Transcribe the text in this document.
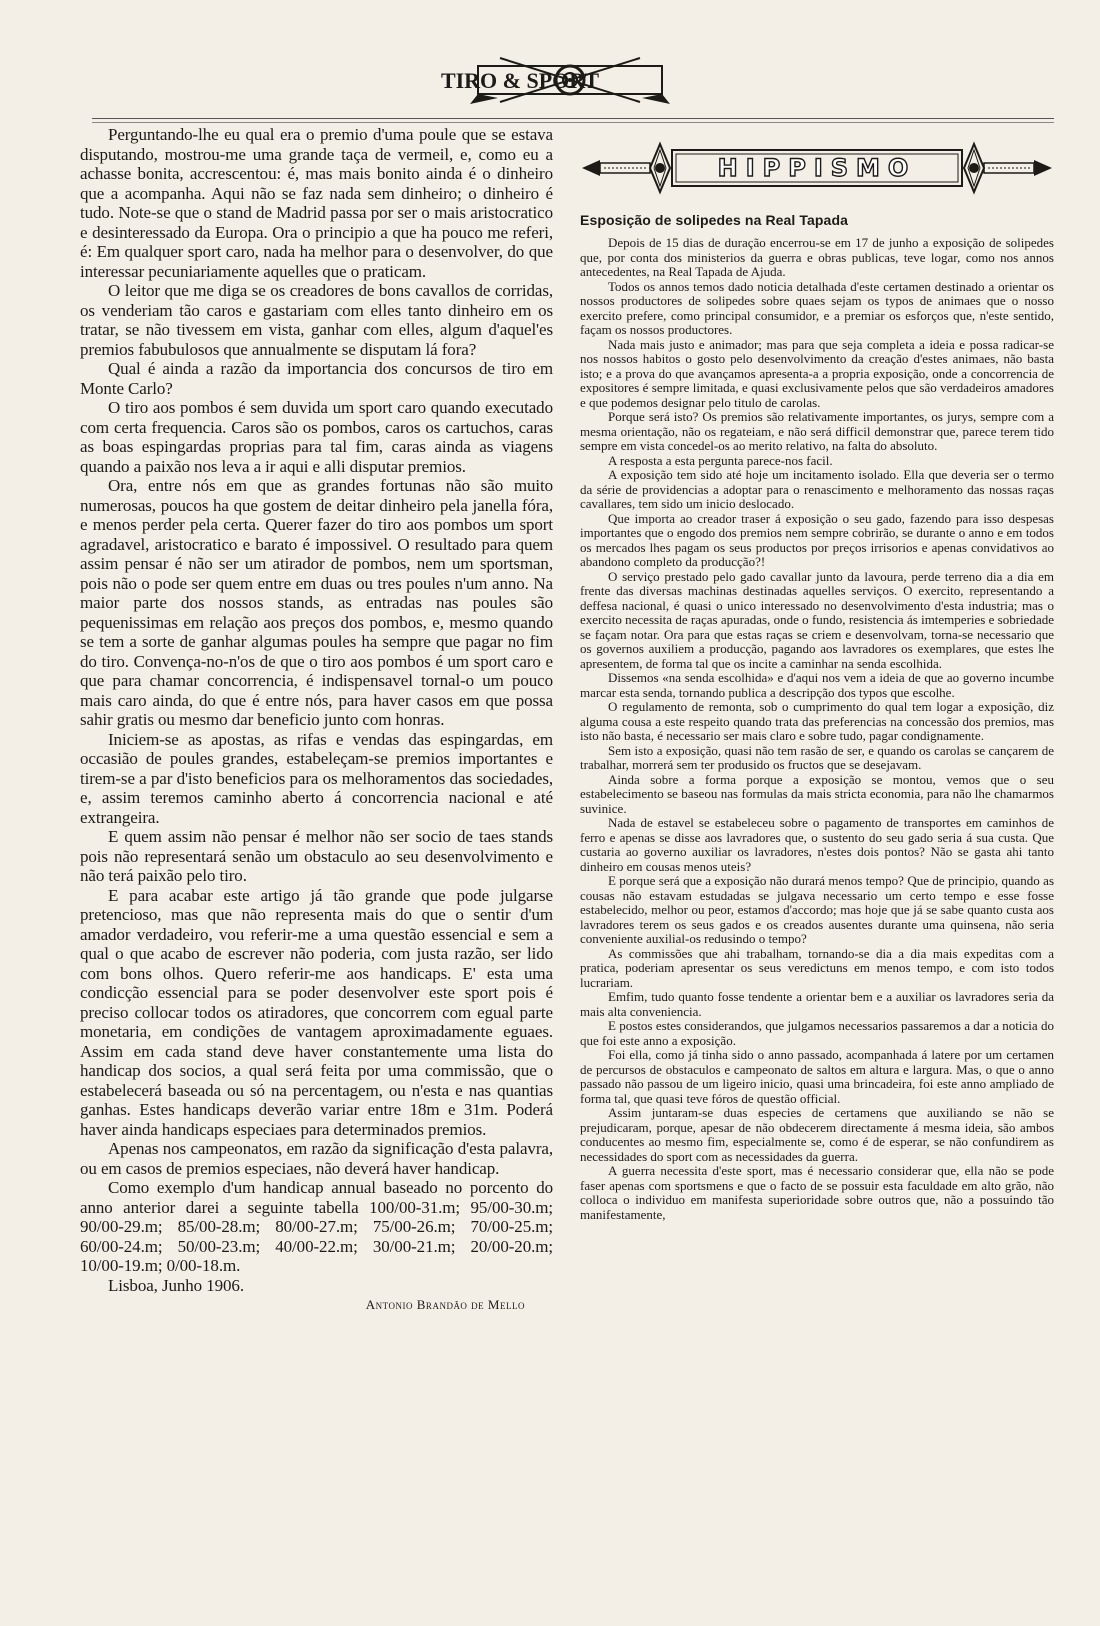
TIRO & SPORT

Perguntando-lhe eu qual era o premio d'uma poule que se estava disputando, mostrou-me uma grande taça de vermeil, e, como eu a achasse bonita, accrescentou: é, mas mais bonito ainda é o dinheiro que a acompanha. Aqui não se faz nada sem dinheiro; o dinheiro é tudo. Note-se que o stand de Madrid passa por ser o mais aristocratico e desinteressado da Europa. Ora o principio a que ha pouco me referi, é: Em qualquer sport caro, nada ha melhor para o desenvolver, do que interessar pecuniariamente aquelles que o praticam.

O leitor que me diga se os creadores de bons cavallos de corridas, os venderiam tão caros e gastariam com elles tanto dinheiro em os tratar, se não tivessem em vista, ganhar com elles, algum d'aquel'es premios fabubulosos que annualmente se disputam lá fora?

Qual é ainda a razão da importancia dos concursos de tiro em Monte Carlo?

O tiro aos pombos é sem duvida um sport caro quando executado com certa frequencia. Caros são os pombos, caros os cartuchos, caras as boas espingardas proprias para tal fim, caras ainda as viagens quando a paixão nos leva a ir aqui e alli disputar premios.

Ora, entre nós em que as grandes fortunas não são muito numerosas, poucos ha que gostem de deitar dinheiro pela janella fóra, e menos perder pela certa. Querer fazer do tiro aos pombos um sport agradavel, aristocratico e barato é impossivel. O resultado para quem assim pensar é não ser um atirador de pombos, nem um sportsman, pois não o pode ser quem entre em duas ou tres poules n'um anno. Na maior parte dos nossos stands, as entradas nas poules são pequenissimas em relação aos preços dos pombos, e, mesmo quando se tem a sorte de ganhar algumas poules ha sempre que pagar no fim do tiro. Convença-no-n'os de que o tiro aos pombos é um sport caro e que para chamar concorrencia, é indispensavel tornal-o um pouco mais caro ainda, do que é entre nós, para haver casos em que possa sahir gratis ou mesmo dar beneficio junto com honras.

Iniciem-se as apostas, as rifas e vendas das espingardas, em occasião de poules grandes, estabeleçam-se premios importantes e tirem-se a par d'isto beneficios para os melhoramentos das sociedades, e, assim teremos caminho aberto á concorrencia nacional e até extrangeira.

E quem assim não pensar é melhor não ser socio de taes stands pois não representará senão um obstaculo ao seu desenvolvimento e não terá paixão pelo tiro.

E para acabar este artigo já tão grande que pode julgarse pretencioso, mas que não representa mais do que o sentir d'um amador verdadeiro, vou referir-me a uma questão essencial e sem a qual o que acabo de escrever não poderia, com justa razão, ser lido com bons olhos. Quero referir-me aos handicaps. E' esta uma condicção essencial para se poder desenvolver este sport pois é preciso collocar todos os atiradores, que concorrem com egual parte monetaria, em condições de vantagem aproximadamente eguaes. Assim em cada stand deve haver constantemente uma lista do handicap dos socios, a qual será feita por uma commissão, que o estabelecerá baseada ou só na percentagem, ou n'esta e nas quantias ganhas. Estes handicaps deverão variar entre 18m e 31m. Poderá haver ainda handicaps especiaes para determinados premios.

Apenas nos campeonatos, em razão da significação d'esta palavra, ou em casos de premios especiaes, não deverá haver handicap.

Como exemplo d'um handicap annual baseado no porcento do anno anterior darei a seguinte tabella 100/00-31.m; 95/00-30.m; 90/00-29.m; 85/00-28.m; 80/00-27.m; 75/00-26.m; 70/00-25.m; 60/00-24.m; 50/00-23.m; 40/00-22.m; 30/00-21.m; 20/00-20.m; 10/00-19.m; 0/00-18.m.

Lisboa, Junho 1906.

Antonio Brandão de Mello

HIPPISMO
Esposição de solipedes na Real Tapada

Depois de 15 dias de duração encerrou-se em 17 de junho a exposição de solipedes que, por conta dos ministerios da guerra e obras publicas, teve logar, como nos annos antecedentes, na Real Tapada de Ajuda.

Todos os annos temos dado noticia detalhada d'este certamen destinado a orientar os nossos productores de solipedes sobre quaes sejam os typos de animaes que o nosso exercito prefere, como principal consumidor, e a premiar os esforços que, n'este sentido, façam os nossos productores.

Nada mais justo e animador; mas para que seja completa a ideia e possa radicar-se nos nossos habitos o gosto pelo desenvolvimento da creação d'estes animaes, não basta isto; e a prova do que avançamos apresenta-a a propria exposição, onde a concorrencia de expositores é sempre limitada, e quasi exclusivamente pelos que são verdadeiros amadores e que podemos designar pelo titulo de carolas.

Porque será isto? Os premios são relativamente importantes, os jurys, sempre com a mesma orientação, não os regateiam, e não será difficil demonstrar que, parece terem tido sempre em vista concedel-os ao merito relativo, na falta do absoluto.

A resposta a esta pergunta parece-nos facil.

A exposição tem sido até hoje um incitamento isolado. Ella que deveria ser o termo da série de providencias a adoptar para o renascimento e melhoramento das nossas raças cavallares, tem sido um inicio deslocado.

Que importa ao creador traser á exposição o seu gado, fazendo para isso despesas importantes que o engodo dos premios nem sempre cobrirão, se durante o anno e em todos os mercados lhes pagam os seus productos por preços irrisorios e apenas convidativos ao abandono completo da producção?!

O serviço prestado pelo gado cavallar junto da lavoura, perde terreno dia a dia em frente das diversas machinas destinadas aquelles serviços. O exercito, representando a deffesa nacional, é quasi o unico interessado no desenvolvimento d'esta industria; mas o exercito necessita de raças apuradas, onde o fundo, resistencia ás imtemperies e sobriedade se façam notar. Ora para que estas raças se criem e desenvolvam, torna-se necessario que os governos auxiliem a producção, pagando aos lavradores os exemplares, que estes lhe apresentem, de forma tal que os incite a caminhar na senda escolhida.

Dissemos «na senda escolhida» e d'aqui nos vem a ideia de que ao governo incumbe marcar esta senda, tornando publica a descripção dos typos que escolhe.

O regulamento de remonta, sob o cumprimento do qual tem logar a exposição, diz alguma cousa a este respeito quando trata das preferencias na concessão dos premios, mas isto não basta, é necessario ser mais claro e sobre tudo, pagar condignamente.

Sem isto a exposição, quasi não tem rasão de ser, e quando os carolas se cançarem de trabalhar, morrerá sem ter produsido os fructos que se desejavam.

Ainda sobre a forma porque a exposição se montou, vemos que o seu estabelecimento se baseou nas formulas da mais stricta economia, para não lhe chamarmos suvinice.

Nada de estavel se estabeleceu sobre o pagamento de transportes em caminhos de ferro e apenas se disse aos lavradores que, o sustento do seu gado seria á sua custa. Que custaria ao governo auxiliar os lavradores, n'estes dois pontos? Não se gasta ahi tanto dinheiro em cousas menos uteis?

E porque será que a exposição não durará menos tempo? Que de principio, quando as cousas não estavam estudadas se julgava necessario um certo tempo e esse fosse estabelecido, melhor ou peor, estamos d'accordo; mas hoje que já se sabe quanto custa aos lavradores terem os seus gados e os creados ausentes durante uma quinsena, não seria conveniente auxilial-os redusindo o tempo?

As commissões que ahi trabalham, tornando-se dia a dia mais expeditas com a pratica, poderiam apresentar os seus veredictuns em menos tempo, e com isto todos lucrariam.

Emfim, tudo quanto fosse tendente a orientar bem e a auxiliar os lavradores seria da mais alta conveniencia.

E postos estes considerandos, que julgamos necessarios passaremos a dar a noticia do que foi este anno a exposição.

Foi ella, como já tinha sido o anno passado, acompanhada á latere por um certamen de percursos de obstaculos e campeonato de saltos em altura e largura. Mas, o que o anno passado não passou de um ligeiro inicio, quasi uma brincadeira, foi este anno ampliado de forma tal, que quasi teve fóros de questão official.

Assim juntaram-se duas especies de certamens que auxiliando se não se prejudicaram, porque, apesar de não obdecerem directamente á mesma ideia, são ambos conducentes ao mesmo fim, especialmente se, como é de esperar, se não confundirem as necessidades do sport com as necessidades da guerra.

A guerra necessita d'este sport, mas é necessario considerar que, ella não se pode faser apenas com sportsmens e que o facto de se possuir esta faculdade em alto grão, não colloca o individuo em manifesta superioridade sobre outros que, não a possuindo tão manifestamente,
